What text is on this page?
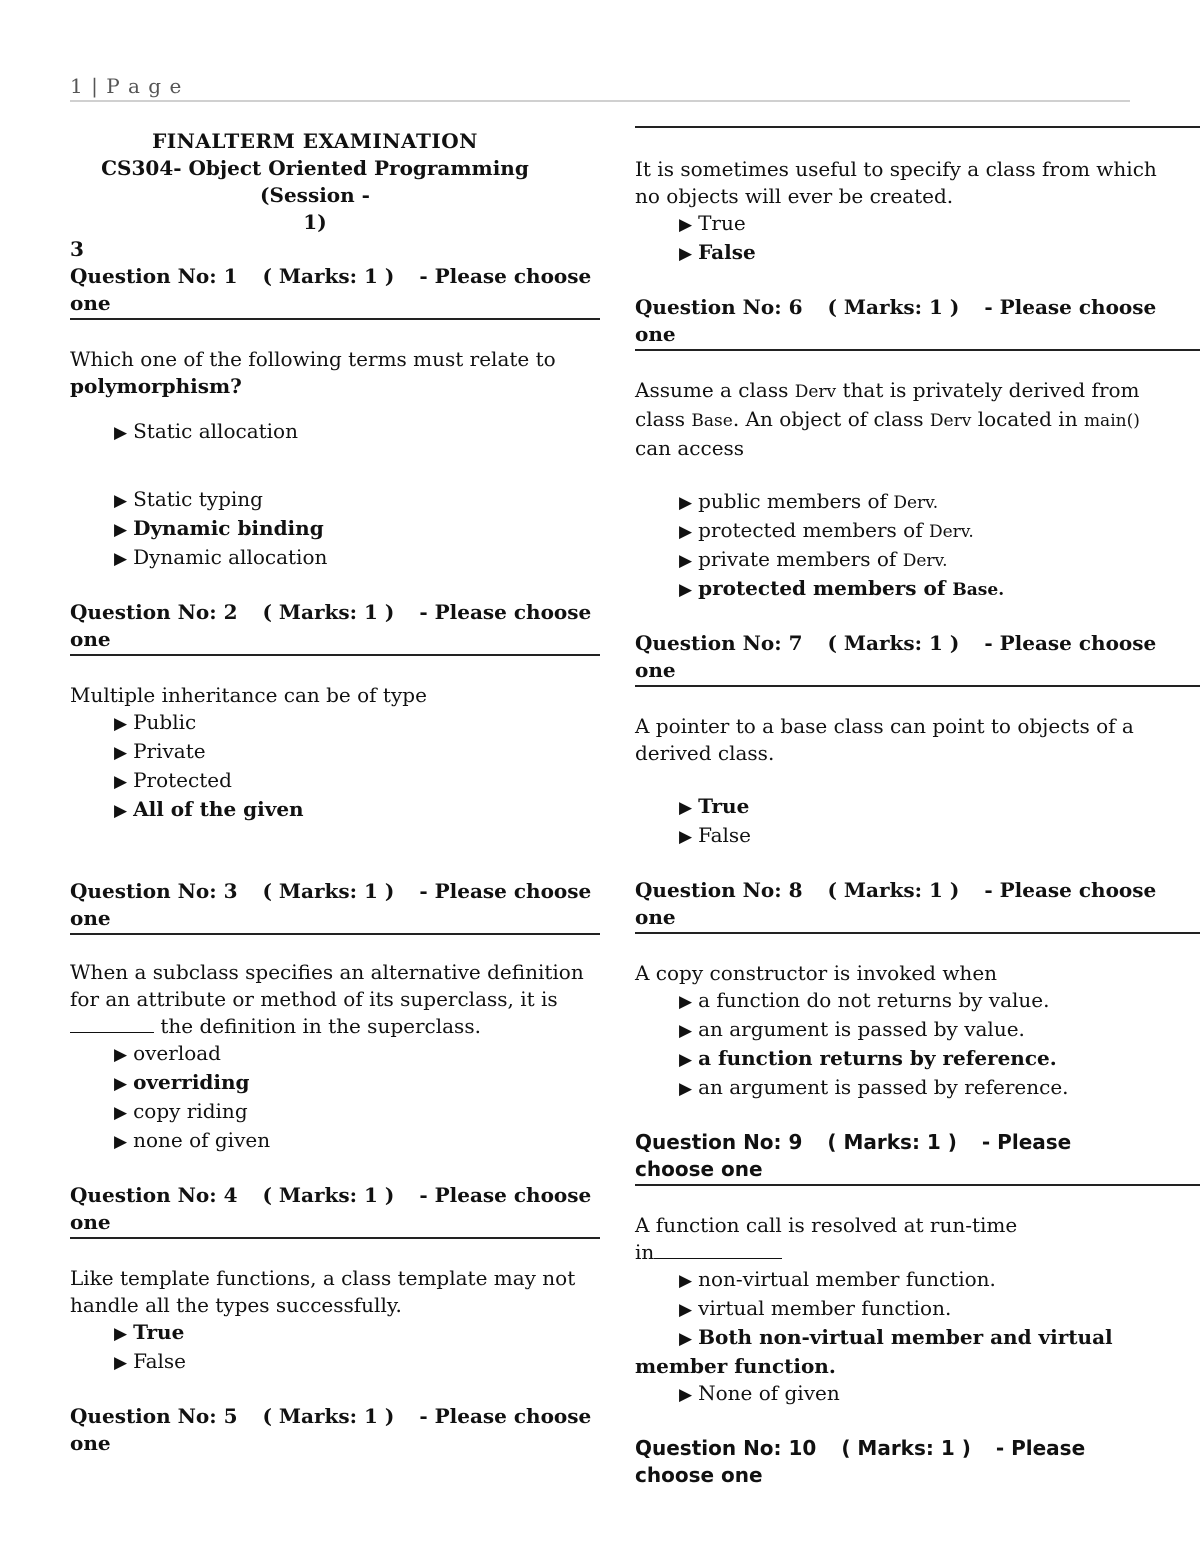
1 | P a g e
FINALTERM EXAMINATION
CS304- Object Oriented Programming (Session -
1)
3
Question No: 1 ( Marks: 1 ) - Please choose
one
Which one of the following terms must relate to
polymorphism?
▶ Static allocation
▶ Static typing
▶ Dynamic binding
▶ Dynamic allocation
Question No: 2 ( Marks: 1 ) - Please choose
one
Multiple inheritance can be of type
▶ Public
▶ Private
▶ Protected
▶ All of the given
Question No: 3 ( Marks: 1 ) - Please choose
one
When a subclass specifies an alternative definition
for an attribute or method of its superclass, it is
the definition in the superclass.
▶ overload
▶ overriding
▶ copy riding
▶ none of given
Question No: 4 ( Marks: 1 ) - Please choose
one
Like template functions, a class template may not
handle all the types successfully.
▶ True
▶ False
Question No: 5 ( Marks: 1 ) - Please choose
one
It is sometimes useful to specify a class from which
no objects will ever be created.
▶ True
▶ False
Question No: 6 ( Marks: 1 ) - Please choose
one
Assume a class Derv that is privately derived from
class Base. An object of class Derv located in main()
can access
▶ public members of Derv.
▶ protected members of Derv.
▶ private members of Derv.
▶ protected members of Base.
Question No: 7 ( Marks: 1 ) - Please choose
one
A pointer to a base class can point to objects of a
derived class.
▶ True
▶ False
Question No: 8 ( Marks: 1 ) - Please choose
one
A copy constructor is invoked when
▶ a function do not returns by value.
▶ an argument is passed by value.
▶ a function returns by reference.
▶ an argument is passed by reference.
Question No: 9 ( Marks: 1 ) - Please
choose one
A function call is resolved at run-time
in
▶ non-virtual member function.
▶ virtual member function.
▶ Both non-virtual member and virtual
member function.
▶ None of given
Question No: 10 ( Marks: 1 ) - Please
choose one
